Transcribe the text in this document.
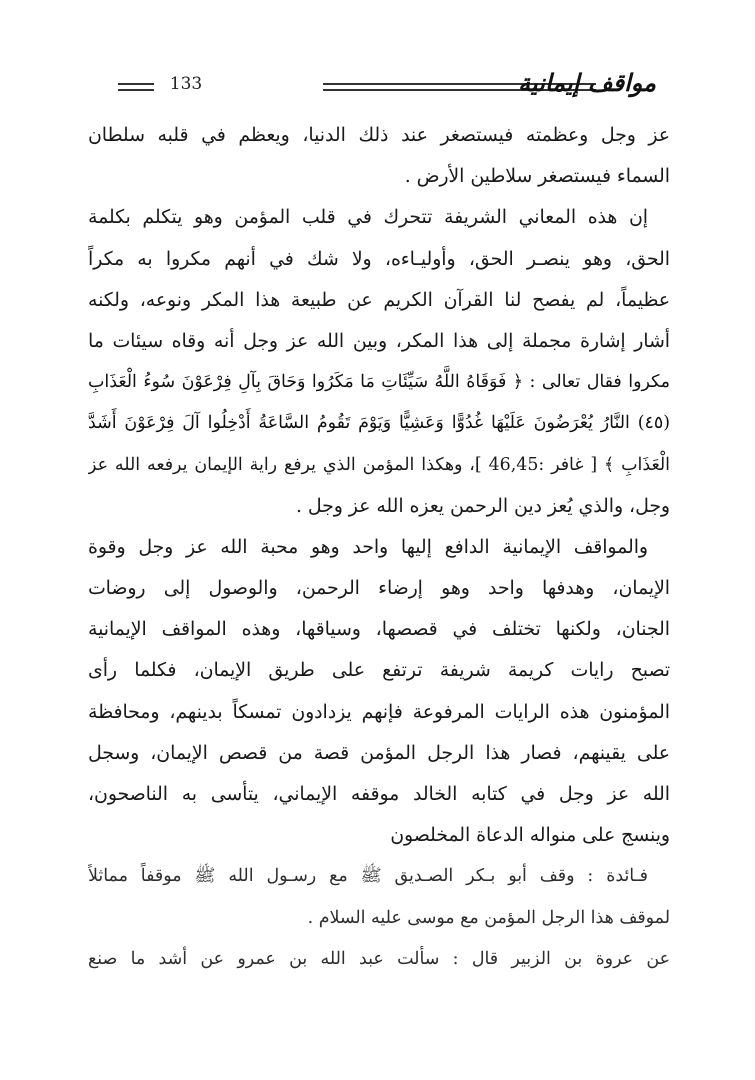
133	مواقف إيمانية
عز وجل وعظمته فيستصغر عند ذلك الدنيا، ويعظم في قلبه سلطان
السماء فيستصغر سلاطين الأرض .
إن هذه المعاني الشريفة تتحرك في قلب المؤمن وهو يتكلم بكلمة
الحق، وهو ينصـر الحق، وأوليـاءه، ولا شك في أنهم مكروا به مكراً
عظيماً، لم يفصح لنا القرآن الكريم عن طبيعة هذا المكر ونوعه، ولكنه
أشار إشارة مجملة إلى هذا المكر، وبين الله عز وجل أنه وقاه سيئات ما
مكروا فقال تعالى : ﴿ فَوَقَاهُ اللَّهُ سَيِّئَاتِ مَا مَكَرُوا وَحَاقَ بِآلِ فِرْعَوْنَ سُوءُ الْعَذَابِ
(٤٥) النَّارُ يُعْرَضُونَ عَلَيْهَا غُدُوًّا وَعَشِيًّا وَيَوْمَ تَقُومُ السَّاعَةُ أَدْخِلُوا آلَ فِرْعَوْنَ أَشَدَّ
الْعَذَابِ ﴾ [ غافر :46,45 ]، وهكذا المؤمن الذي يرفع راية الإيمان يرفعه الله عز
وجل، والذي يُعز دين الرحمن يعزه الله عز وجل .
والمواقف الإيمانية الدافع إليها واحد وهو محبة الله عز وجل وقوة
الإيمان، وهدفها واحد وهو إرضاء الرحمن، والوصول إلى روضات
الجنان، ولكنها تختلف في قصصها، وسياقها، وهذه المواقف الإيمانية
تصبح رايات كريمة شريفة ترتفع على طريق الإيمان، فكلما رأى
المؤمنون هذه الرايات المرفوعة فإنهم يزدادون تمسكاً بدينهم، ومحافظة
على يقينهم، فصار هذا الرجل المؤمن قصة من قصص الإيمان، وسجل
الله عز وجل في كتابه الخالد موقفه الإيماني، يتأسى به الناصحون،
وينسج على منواله الدعاة المخلصون
فـائدة : وقف أبو بـكر الصـديق ﷺ مع رسـول الله ﷺ موقفاً مماثلاً
لموقف هذا الرجل المؤمن مع موسى عليه السلام .
عن عروة بن الزبير قال : سألت عبد الله بن عمرو عن أشد ما صنع
